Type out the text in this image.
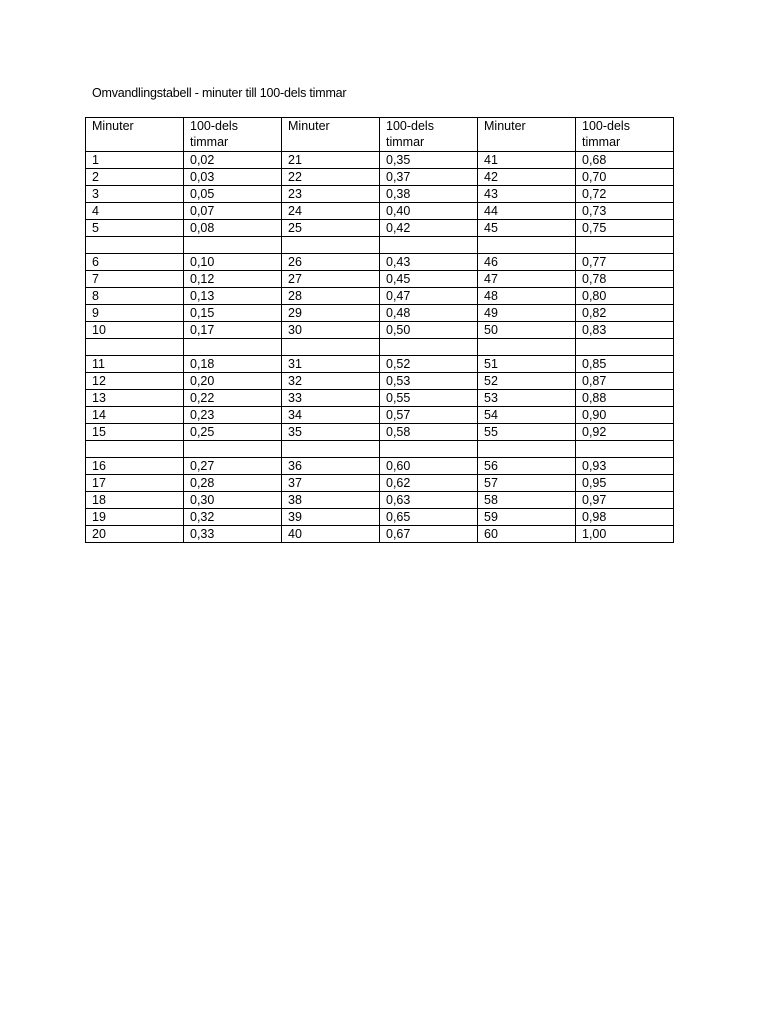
Omvandlingstabell - minuter till 100-dels timmar
Minuter	100-dels timmar	Minuter	100-dels timmar	Minuter	100-dels timmar
1	0,02	21	0,35	41	0,68
2	0,03	22	0,37	42	0,70
3	0,05	23	0,38	43	0,72
4	0,07	24	0,40	44	0,73
5	0,08	25	0,42	45	0,75

6	0,10	26	0,43	46	0,77
7	0,12	27	0,45	47	0,78
8	0,13	28	0,47	48	0,80
9	0,15	29	0,48	49	0,82
10	0,17	30	0,50	50	0,83

11	0,18	31	0,52	51	0,85
12	0,20	32	0,53	52	0,87
13	0,22	33	0,55	53	0,88
14	0,23	34	0,57	54	0,90
15	0,25	35	0,58	55	0,92

16	0,27	36	0,60	56	0,93
17	0,28	37	0,62	57	0,95
18	0,30	38	0,63	58	0,97
19	0,32	39	0,65	59	0,98
20	0,33	40	0,67	60	1,00
